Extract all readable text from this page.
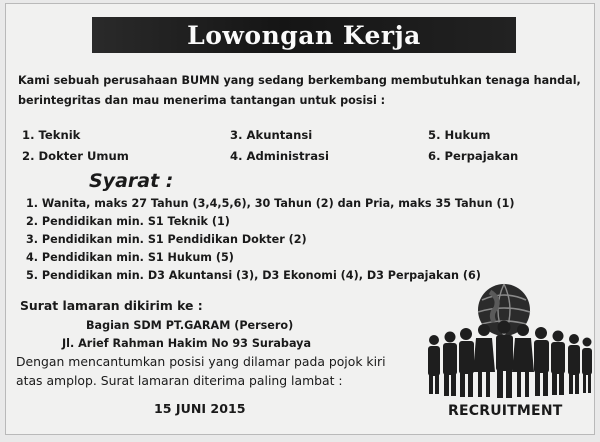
Lowongan Kerja
Kami sebuah perusahaan BUMN yang sedang berkembang membutuhkan tenaga handal, berintegritas dan mau menerima tantangan untuk posisi :
1. Teknik
2. Dokter Umum
3. Akuntansi
4. Administrasi
5. Hukum
6. Perpajakan
Syarat :
1. Wanita, maks 27 Tahun (3,4,5,6), 30 Tahun (2) dan Pria, maks 35 Tahun (1)
2. Pendidikan min. S1 Teknik (1)
3. Pendidikan min. S1 Pendidikan Dokter (2)
4. Pendidikan min. S1 Hukum (5)
5. Pendidikan min. D3 Akuntansi (3), D3 Ekonomi (4), D3 Perpajakan (6)
Surat lamaran dikirim ke :
Bagian SDM PT.GARAM (Persero)
Jl. Arief Rahman Hakim No 93 Surabaya
Dengan mencantumkan posisi yang dilamar pada pojok kiri atas amplop. Surat lamaran diterima paling lambat :
15 JUNI 2015	RECRUITMENT
